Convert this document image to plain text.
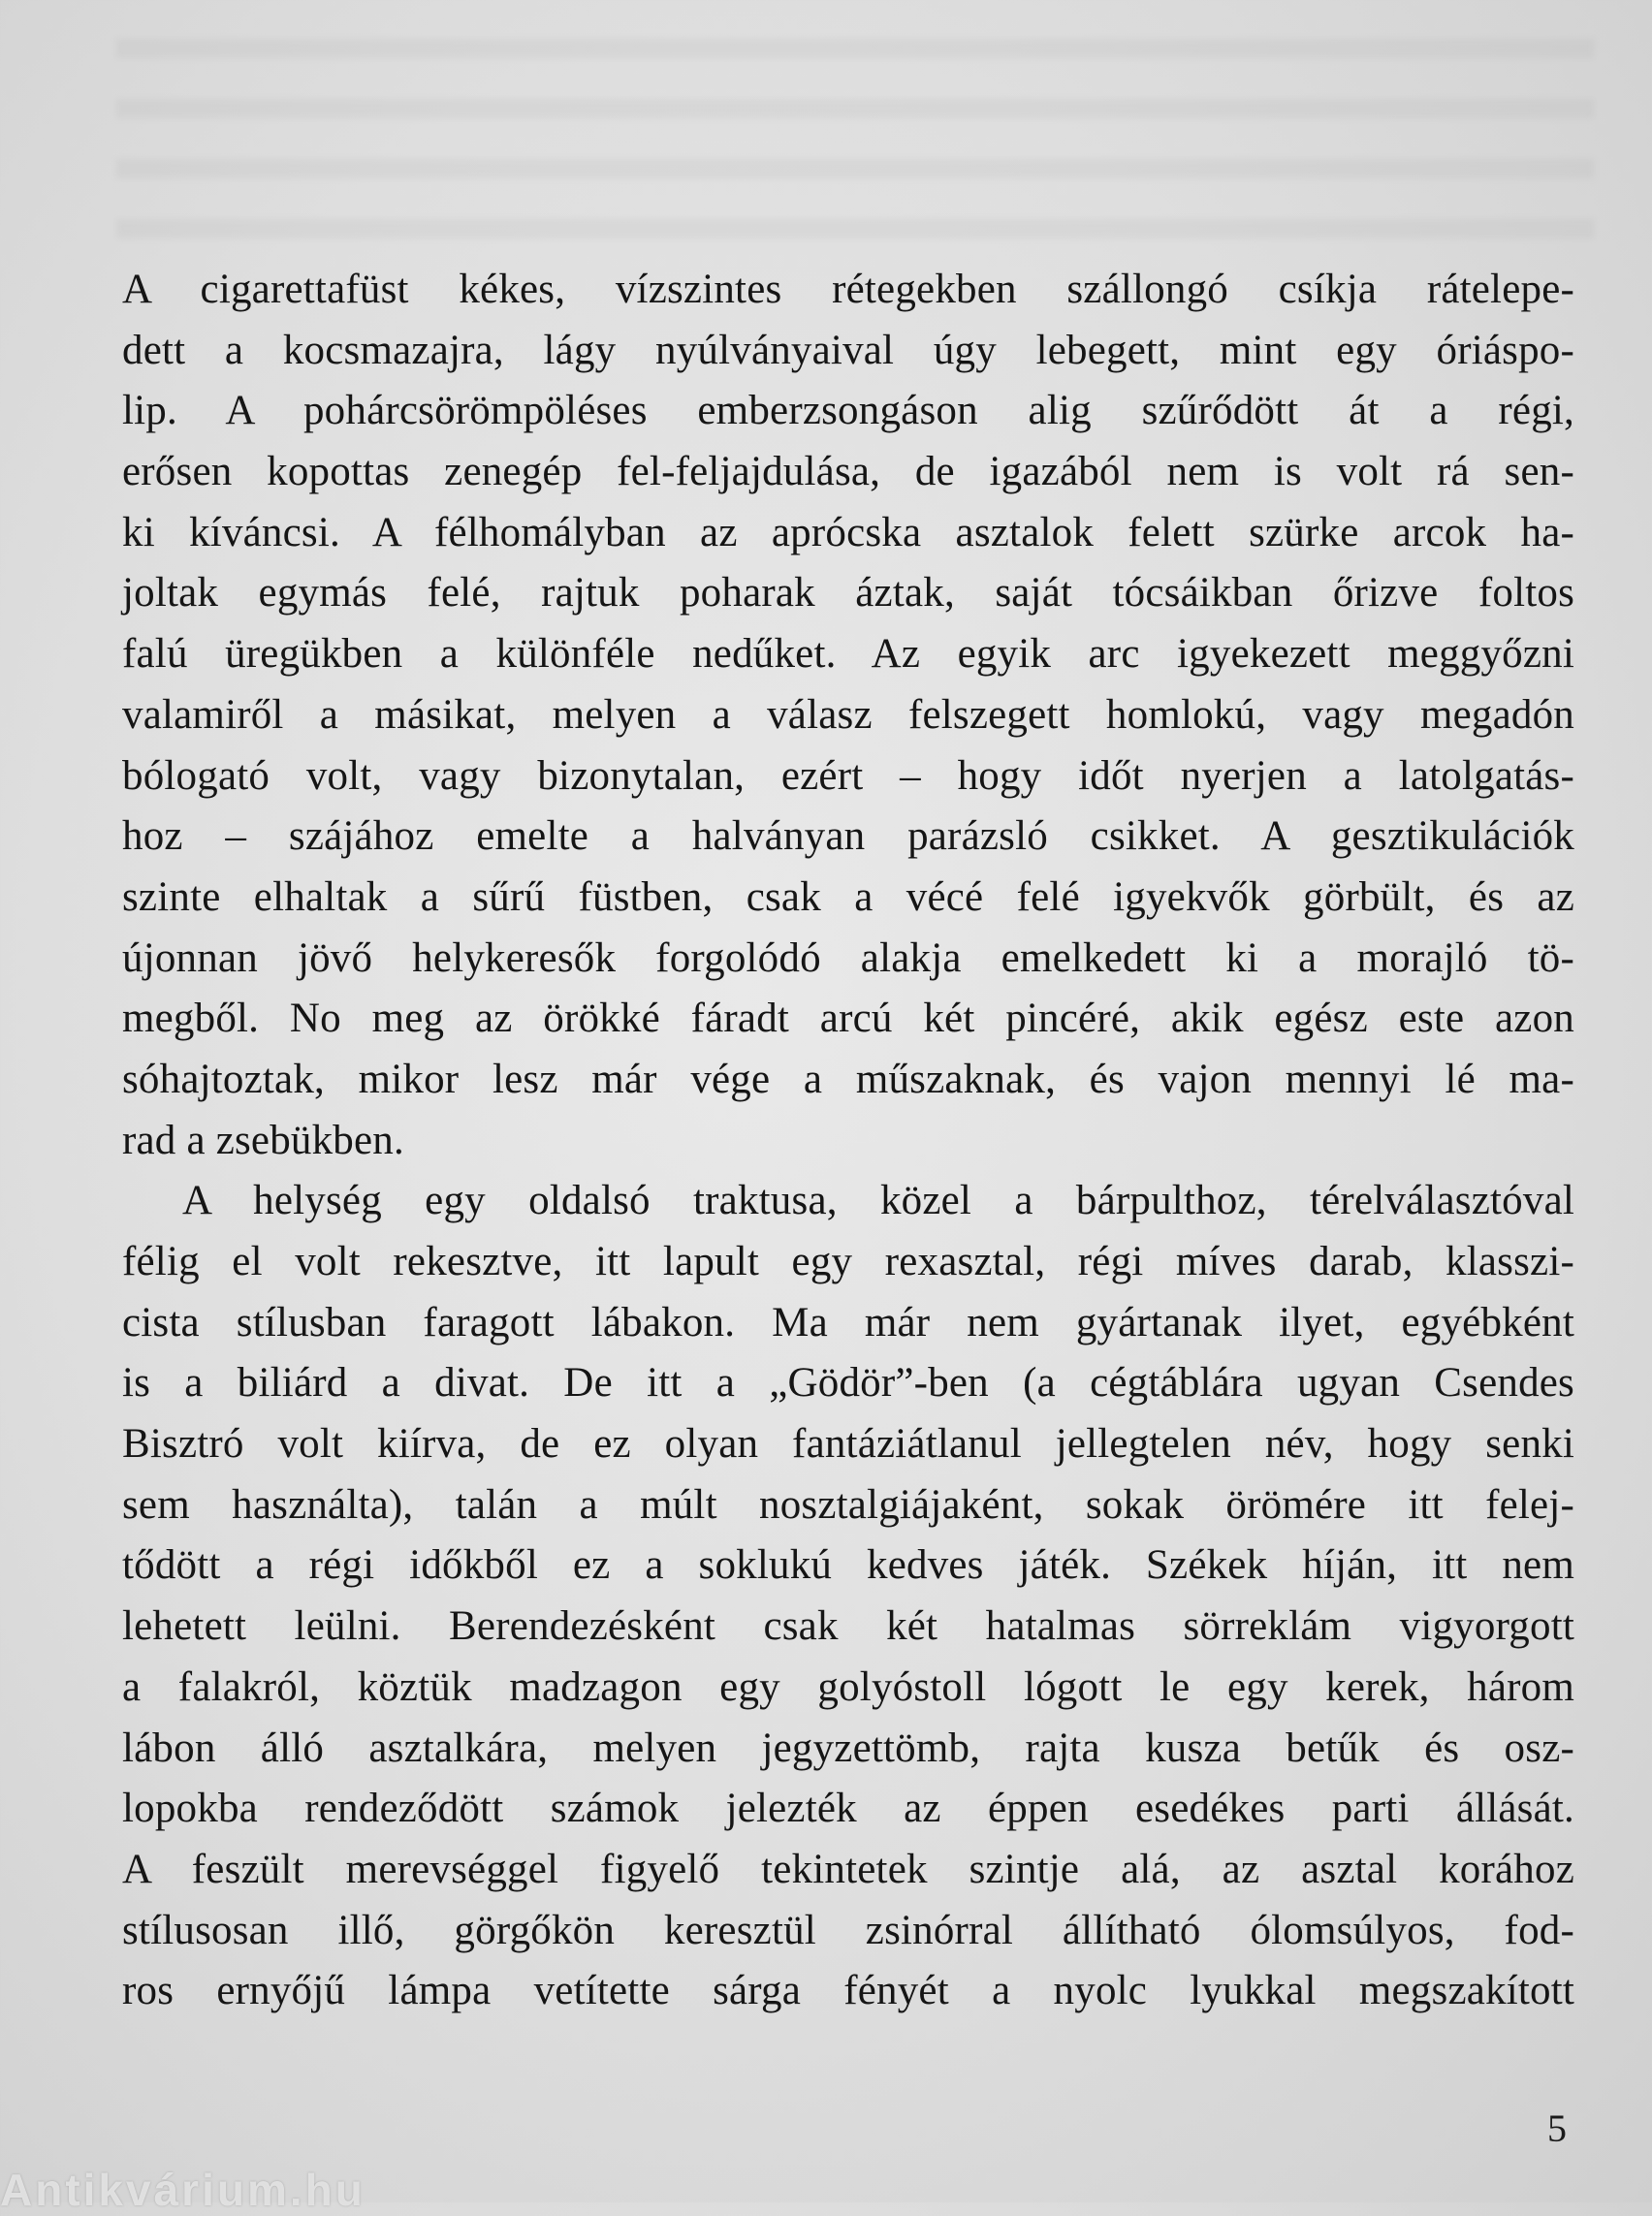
A cigarettafüst kékes, vízszintes rétegekben szállongó csíkja rátelepe-
dett a kocsmazajra, lágy nyúlványaival úgy lebegett, mint egy óriáspo-
lip. A pohárcsörömpöléses emberzsongáson alig szűrődött át a régi,
erősen kopottas zenegép fel-feljajdulása, de igazából nem is volt rá sen-
ki kíváncsi. A félhomályban az aprócska asztalok felett szürke arcok ha-
joltak egymás felé, rajtuk poharak áztak, saját tócsáikban őrizve foltos
falú üregükben a különféle nedűket. Az egyik arc igyekezett meggyőzni
valamiről a másikat, melyen a válasz felszegett homlokú, vagy megadón
bólogató volt, vagy bizonytalan, ezért – hogy időt nyerjen a latolgatás-
hoz – szájához emelte a halványan parázsló csikket. A gesztikulációk
szinte elhaltak a sűrű füstben, csak a vécé felé igyekvők görbült, és az
újonnan jövő helykeresők forgolódó alakja emelkedett ki a morajló tö-
megből. No meg az örökké fáradt arcú két pincéré, akik egész este azon
sóhajtoztak, mikor lesz már vége a műszaknak, és vajon mennyi lé ma-
rad a zsebükben.
A helység egy oldalsó traktusa, közel a bárpulthoz, térelválasztóval
félig el volt rekesztve, itt lapult egy rexasztal, régi míves darab, klasszi-
cista stílusban faragott lábakon. Ma már nem gyártanak ilyet, egyébként
is a biliárd a divat. De itt a „Gödör”-ben (a cégtáblára ugyan Csendes
Bisztró volt kiírva, de ez olyan fantáziátlanul jellegtelen név, hogy senki
sem használta), talán a múlt nosztalgiájaként, sokak örömére itt felej-
tődött a régi időkből ez a soklukú kedves játék. Székek híján, itt nem
lehetett leülni. Berendezésként csak két hatalmas sörreklám vigyorgott
a falakról, köztük madzagon egy golyóstoll lógott le egy kerek, három
lábon álló asztalkára, melyen jegyzettömb, rajta kusza betűk és osz-
lopokba rendeződött számok jelezték az éppen esedékes parti állását.
A feszült merevséggel figyelő tekintetek szintje alá, az asztal korához
stílusosan illő, görgőkön keresztül zsinórral állítható ólomsúlyos, fod-
ros ernyőjű lámpa vetítette sárga fényét a nyolc lyukkal megszakított
5
Antikvárium.hu
